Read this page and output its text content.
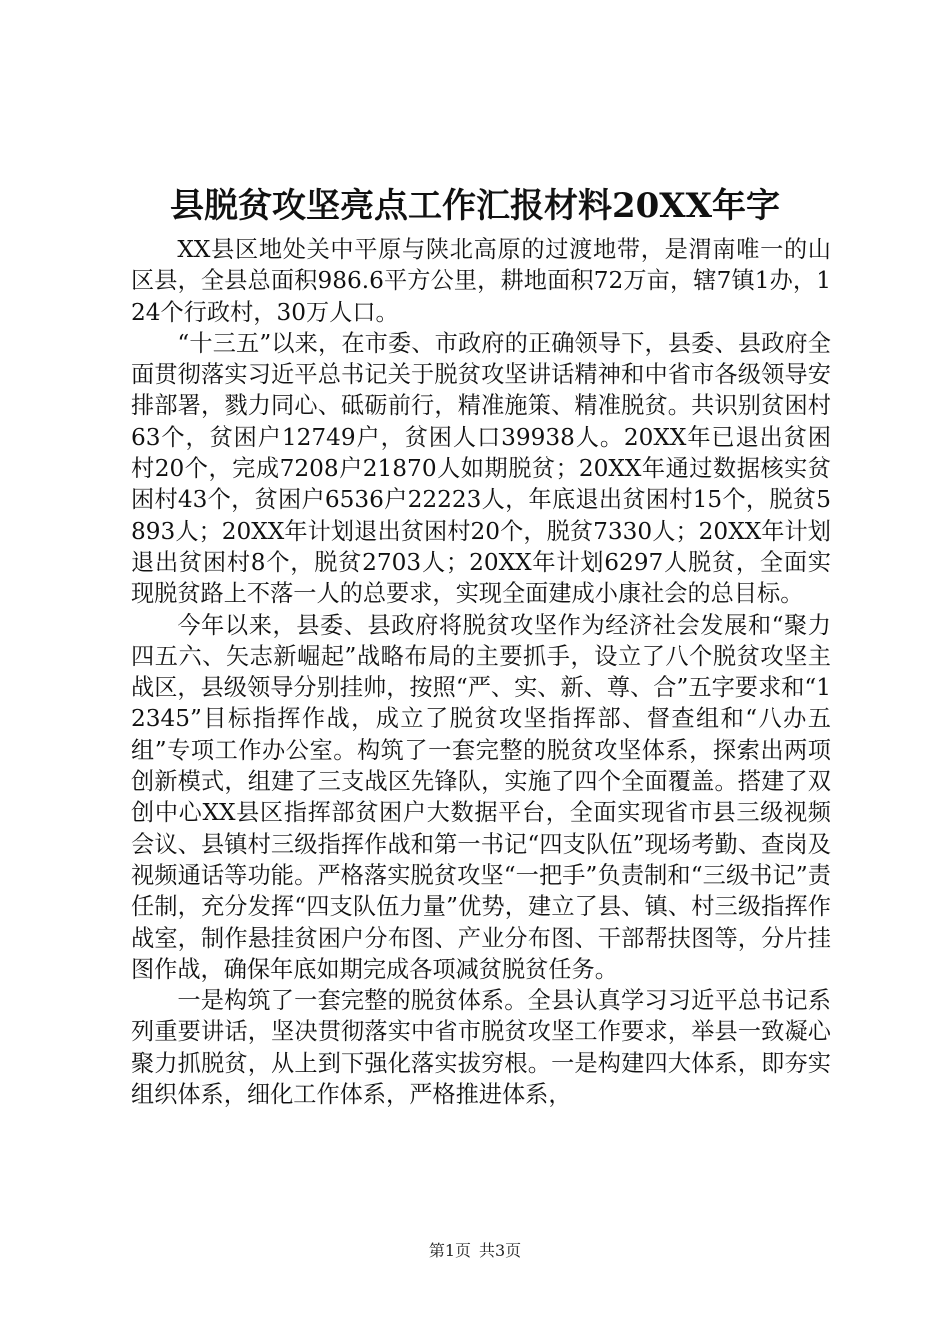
县脱贫攻坚亮点工作汇报材料20XX年字

XX县区地处关中平原与陕北高原的过渡地带，是渭南唯一的山区县，全县总面积986.6平方公里，耕地面积72万亩，辖7镇1办，124个行政村，30万人口。

“十三五”以来，在市委、市政府的正确领导下，县委、县政府全面贯彻落实习近平总书记关于脱贫攻坚讲话精神和中省市各级领导安排部署，戮力同心、砥砺前行，精准施策、精准脱贫。共识别贫困村63个，贫困户12749户，贫困人口39938人。20XX年已退出贫困村20个，完成7208户21870人如期脱贫；20XX年通过数据核实贫困村43个，贫困户6536户22223人，年底退出贫困村15个，脱贫5893人；20XX年计划退出贫困村20个，脱贫7330人；20XX年计划退出贫困村8个，脱贫2703人；20XX年计划6297人脱贫，全面实现脱贫路上不落一人的总要求，实现全面建成小康社会的总目标。

今年以来，县委、县政府将脱贫攻坚作为经济社会发展和“聚力四五六、矢志新崛起”战略布局的主要抓手，设立了八个脱贫攻坚主战区，县级领导分别挂帅，按照“严、实、新、尊、合”五字要求和“12345”目标指挥作战，成立了脱贫攻坚指挥部、督查组和“八办五组”专项工作办公室。构筑了一套完整的脱贫攻坚体系，探索出两项创新模式，组建了三支战区先锋队，实施了四个全面覆盖。搭建了双创中心XX县区指挥部贫困户大数据平台，全面实现省市县三级视频会议、县镇村三级指挥作战和第一书记“四支队伍”现场考勤、查岗及视频通话等功能。严格落实脱贫攻坚“一把手”负责制和“三级书记”责任制，充分发挥“四支队伍力量”优势，建立了县、镇、村三级指挥作战室，制作悬挂贫困户分布图、产业分布图、干部帮扶图等，分片挂图作战，确保年底如期完成各项减贫脱贫任务。

一是构筑了一套完整的脱贫体系。全县认真学习习近平总书记系列重要讲话，坚决贯彻落实中省市脱贫攻坚工作要求，举县一致凝心聚力抓脱贫，从上到下强化落实拔穷根。一是构建四大体系，即夯实组织体系，细化工作体系，严格推进体系，

第1页 共3页
